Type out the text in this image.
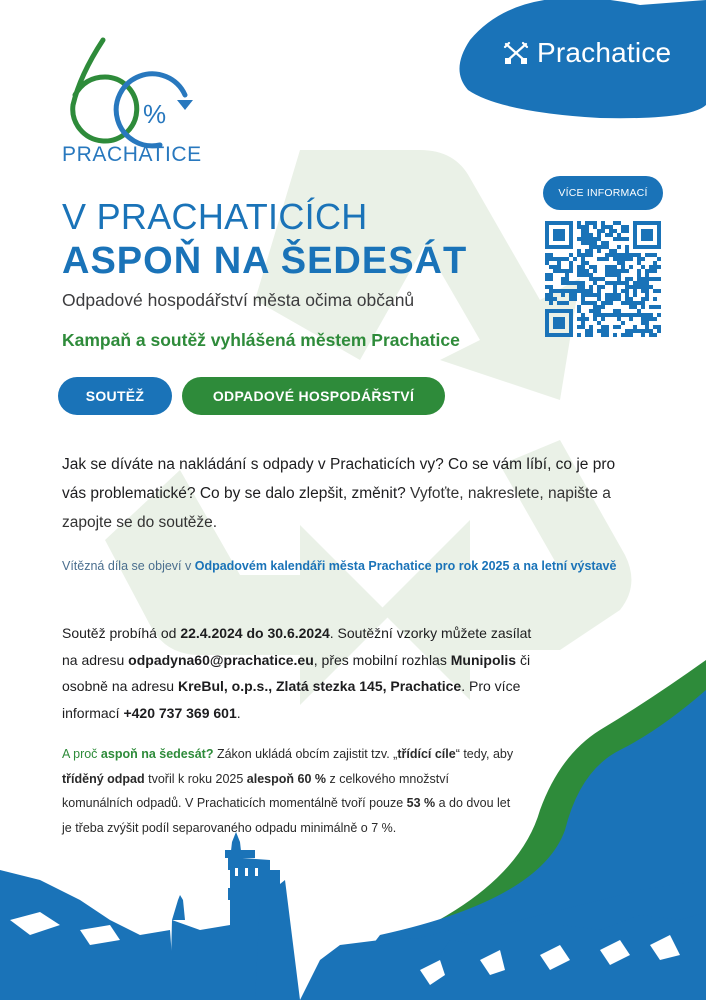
Prachatice
%
PRACHATICE
V PRACHATICÍCH
ASPOŇ NA ŠEDESÁT
Odpadové hospodářství města očima občanů
Kampaň a soutěž vyhlášená městem Prachatice
VÍCE INFORMACÍ
SOUTĚŽ	ODPADOVÉ HOSPODÁŘSTVÍ
Jak se díváte na nakládání s odpady v Prachaticích vy? Co se vám líbí, co je pro vás problematické? Co by se dalo zlepšit, změnit? Vyfoťte, nakreslete, napište a zapojte se do soutěže.
Vítězná díla se objeví v Odpadovém kalendáři města Prachatice pro rok 2025 a na letní výstavě
Soutěž probíhá od 22.4.2024 do 30.6.2024. Soutěžní vzorky můžete zasílat na adresu odpadyna60@prachatice.eu, přes mobilní rozhlas Munipolis či osobně na adresu KreBul, o.p.s., Zlatá stezka 145, Prachatice. Pro více informací +420 737 369 601.
A proč aspoň na šedesát? Zákon ukládá obcím zajistit tzv. „třídící cíle“ tedy, aby tříděný odpad tvořil k roku 2025 alespoň 60 % z celkového množství komunálních odpadů. V Prachaticích momentálně tvoří pouze 53 % a do dvou let je třeba zvýšit podíl separovaného odpadu minimálně o 7 %.
